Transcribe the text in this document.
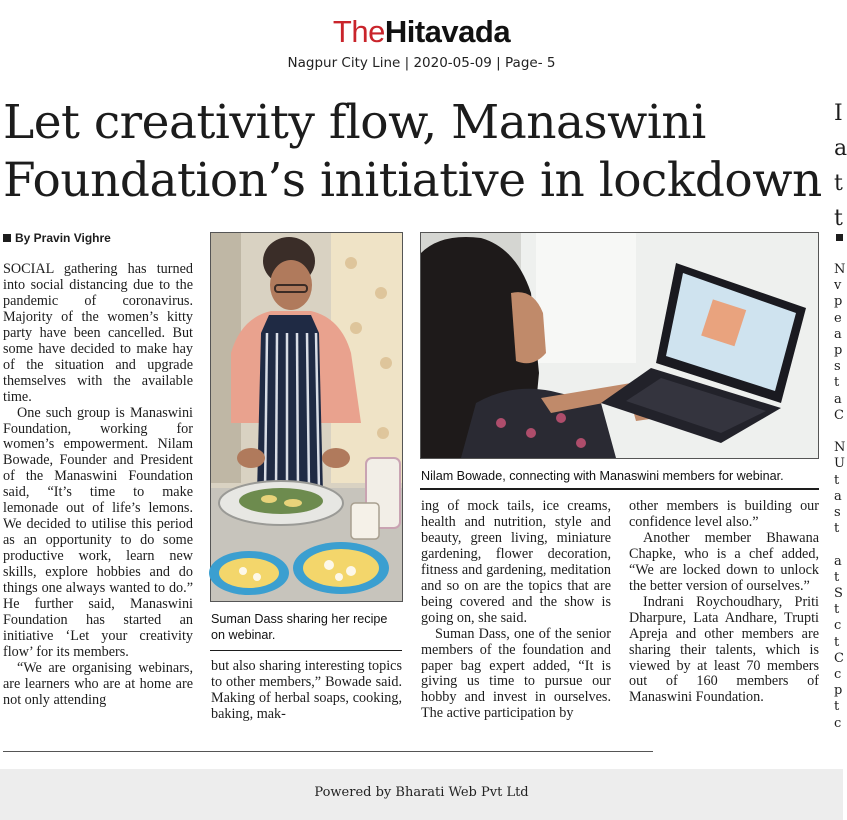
TheHitavada
Nagpur City Line | 2020-05-09 | Page- 5
Let creativity flow, Manaswini Foundation’s initiative in lockdown
I
a
t
t
N
v
p
e
a
p
s
t
a
C

N
U
t
a
s
t

a
t
S
t
c
t
C
c
p
t
c
By Pravin Vighre

SOCIAL gathering has turned into social distancing due to the pandemic of coronavirus. Majority of the women’s kitty party have been cancelled. But some have decided to make hay of the situation and upgrade themselves with the available time.

One such group is Manaswini Foundation, working for women’s empowerment. Nilam Bowade, Founder and President of the Manaswini Foundation said, “It’s time to make lemonade out of life’s lemons. We decided to utilise this period as an opportunity to do some productive work, learn new skills, explore hobbies and do things one always wanted to do.” He further said, Manaswini Foundation has started an initiative ‘Let your creativity flow’ for its members.

“We are organising webinars, are learners who are at home are not only attending

Suman Dass sharing her recipe on webinar.

but also sharing interesting topics to other members,” Bowade said. Making of herbal soaps, cooking, baking, mak-

Nilam Bowade, connecting with Manaswini members for webinar.

ing of mock tails, ice creams, health and nutrition, style and beauty, green living, miniature gardening, flower decoration, fitness and gardening, meditation and so on are the topics that are being covered and the show is going on, she said.

Suman Dass, one of the senior members of the foundation and paper bag expert added, “It is giving us time to pursue our hobby and invest in ourselves. The active participation by

other members is building our confidence level also.”

Another member Bhawana Chapke, who is a chef added, “We are locked down to unlock the better version of ourselves.”

Indrani Roychoudhary, Priti Dharpure, Lata Andhare, Trupti Apreja and other members are sharing their talents, which is viewed by at least 70 members out of 160 members of Manaswini Foundation.

Powered by Bharati Web Pvt Ltd
